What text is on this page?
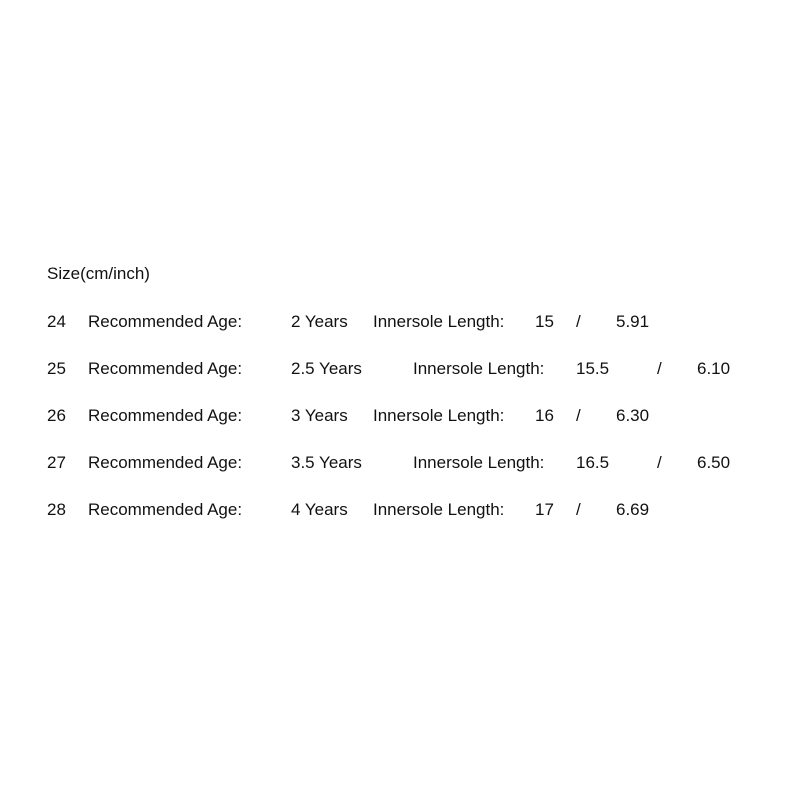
Size(cm/inch)
24 Recommended Age:	2 Years Innersole Length: 15 / 5.91
25 Recommended Age:	2.5 Years	Innersole Length: 15.5	/ 6.10
26 Recommended Age:	3 Years Innersole Length: 16 / 6.30
27 Recommended Age:	3.5 Years	Innersole Length: 16.5	/ 6.50
28 Recommended Age:	4 Years Innersole Length: 17 / 6.69
